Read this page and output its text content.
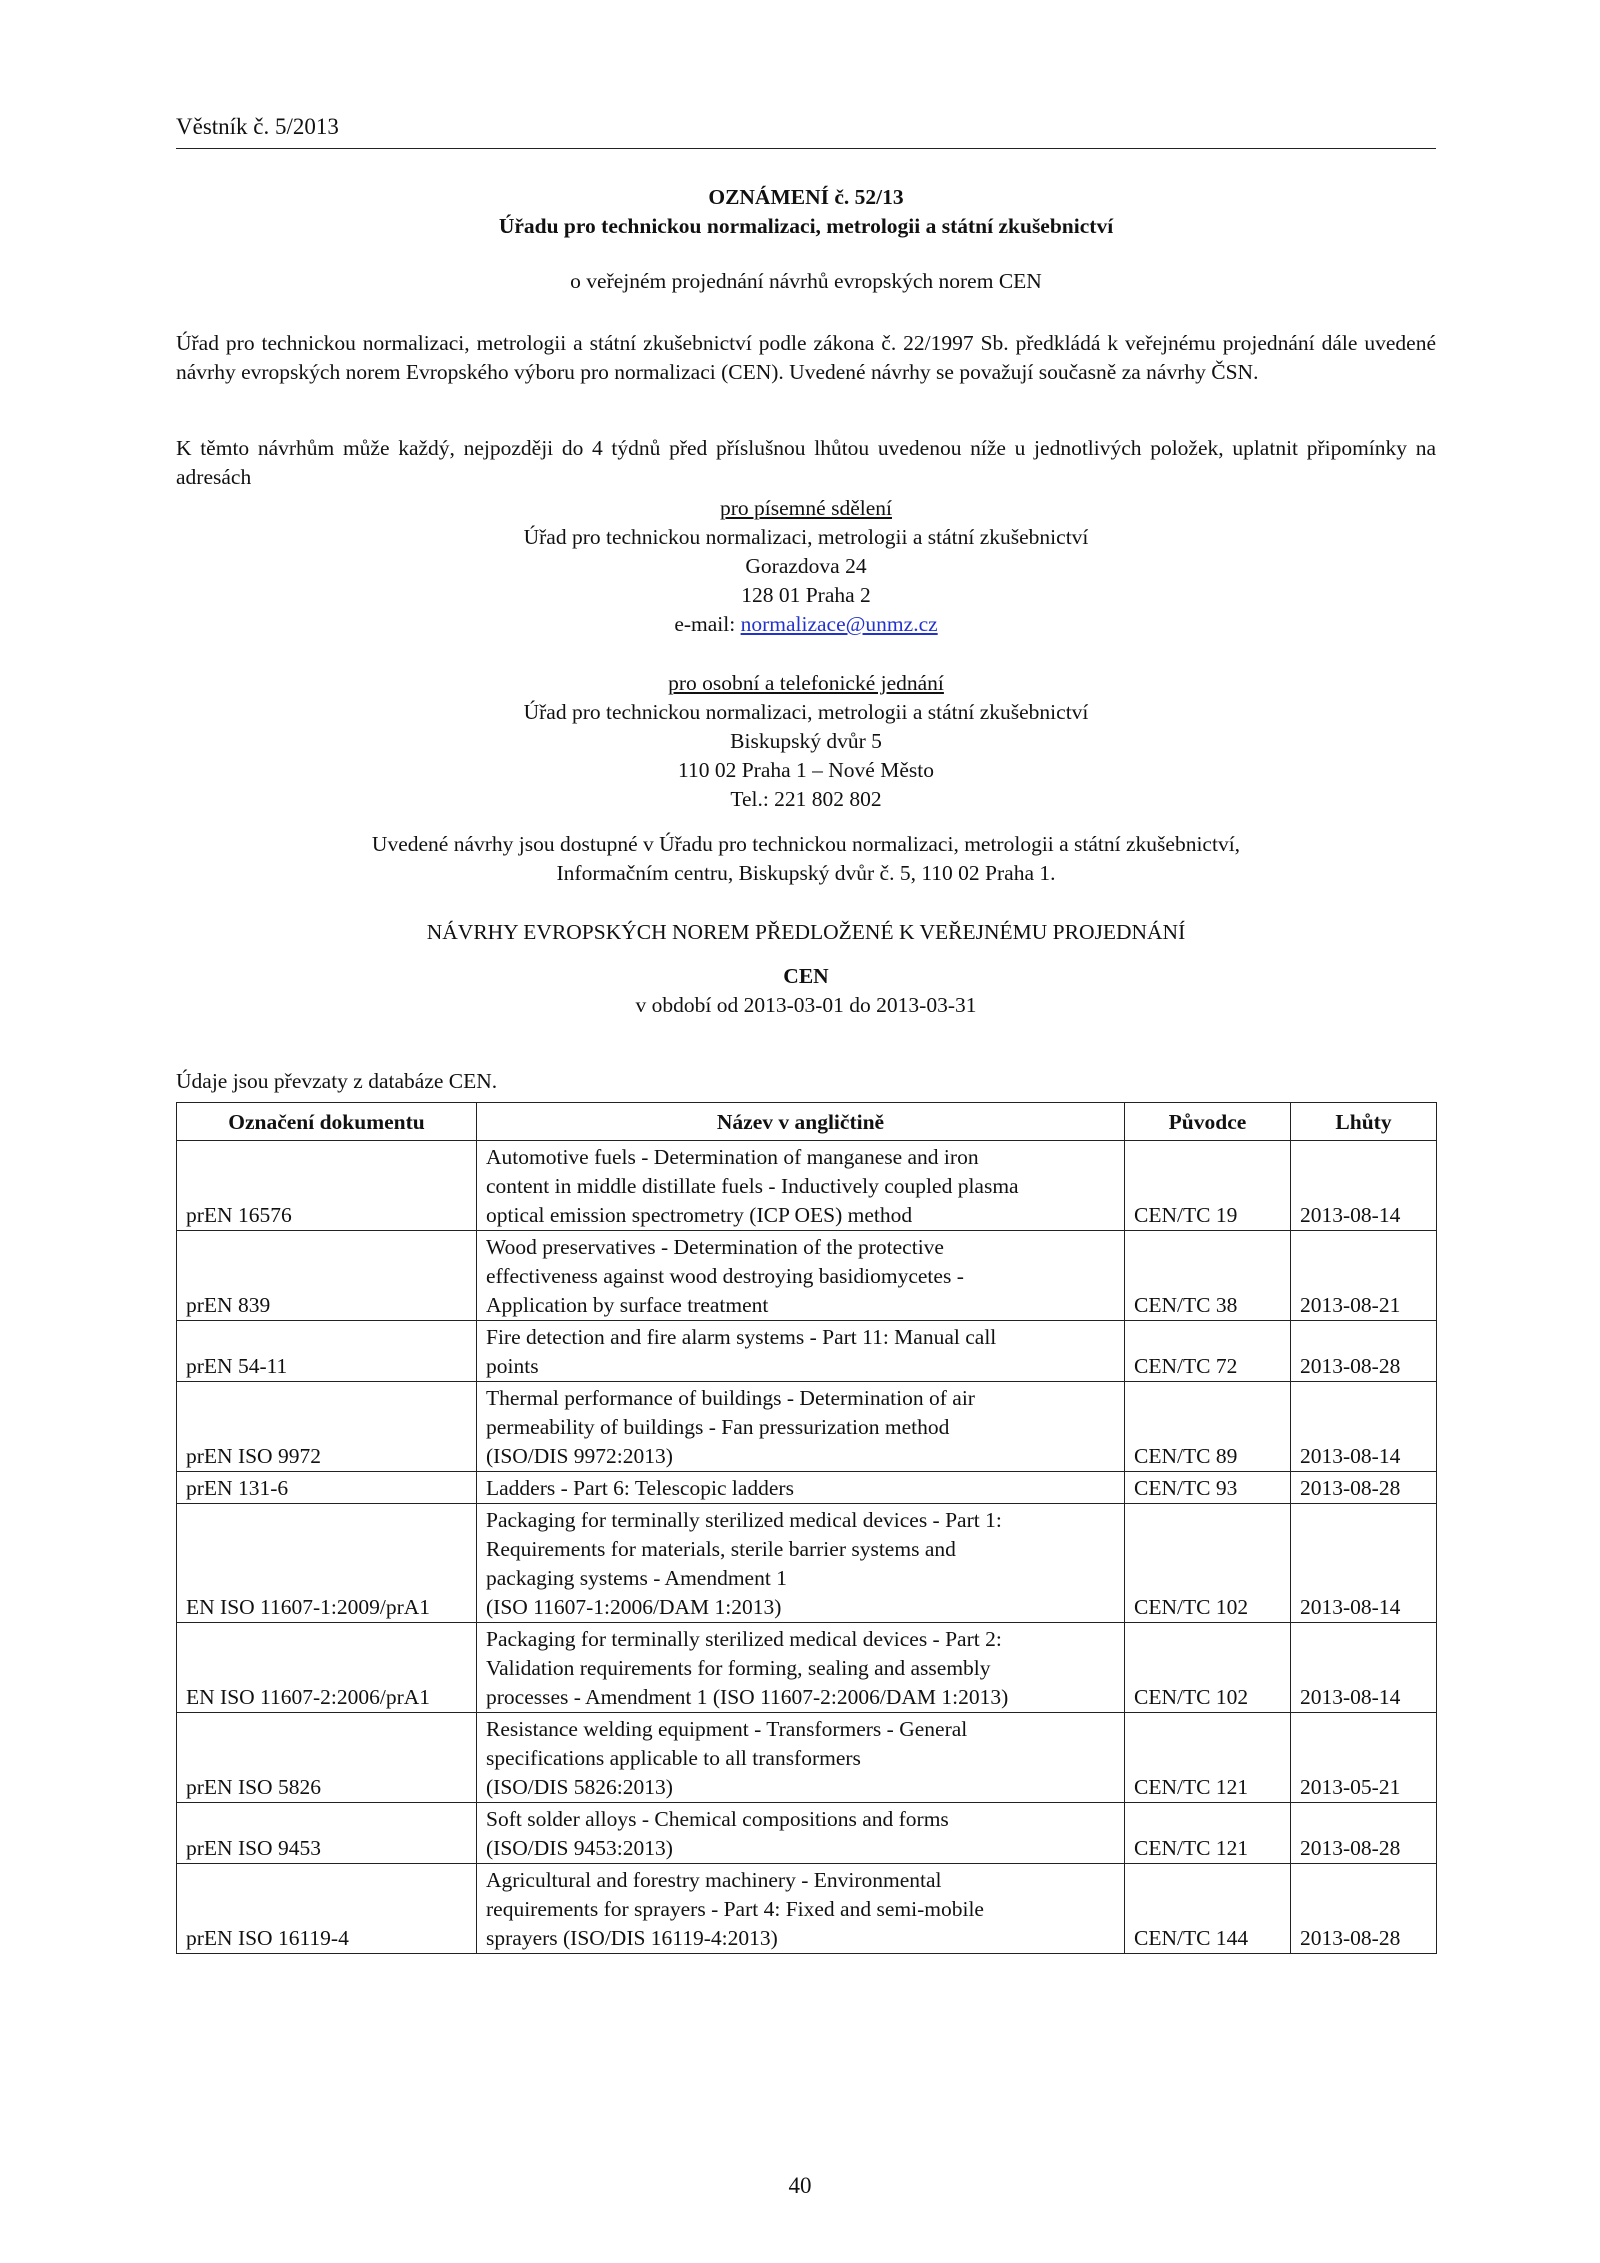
Věstník č. 5/2013
OZNÁMENÍ č. 52/13
Úřadu pro technickou normalizaci, metrologii a státní zkušebnictví
o veřejném projednání návrhů evropských norem CEN
Úřad pro technickou normalizaci, metrologii a státní zkušebnictví podle zákona č. 22/1997 Sb. předkládá k veřejnému projednání dále uvedené návrhy evropských norem Evropského výboru pro normalizaci (CEN). Uvedené návrhy se považují současně za návrhy ČSN.
K těmto návrhům může každý, nejpozději do 4 týdnů před příslušnou lhůtou uvedenou níže u jednotlivých položek, uplatnit připomínky na adresách
pro písemné sdělení
Úřad pro technickou normalizaci, metrologii a státní zkušebnictví
Gorazdova 24
128 01 Praha 2
e-mail: normalizace@unmz.cz
pro osobní a telefonické jednání
Úřad pro technickou normalizaci, metrologii a státní zkušebnictví
Biskupský dvůr 5
110 02 Praha 1 – Nové Město
Tel.: 221 802 802
Uvedené návrhy jsou dostupné v Úřadu pro technickou normalizaci, metrologii a státní zkušebnictví,
Informačním centru, Biskupský dvůr č. 5, 110 02 Praha 1.
NÁVRHY EVROPSKÝCH NOREM PŘEDLOŽENÉ K VEŘEJNÉMU PROJEDNÁNÍ
CEN
v období od 2013-03-01 do 2013-03-31
Údaje jsou převzaty z databáze CEN.
Označení dokumentu	Název v angličtině	Původce	Lhůty
prEN 16576	Automotive fuels - Determination of manganese and iron
content in middle distillate fuels - Inductively coupled plasma
optical emission spectrometry (ICP OES) method	CEN/TC 19	2013-08-14
prEN 839	Wood preservatives - Determination of the protective
effectiveness against wood destroying basidiomycetes -
Application by surface treatment	CEN/TC 38	2013-08-21
prEN 54-11	Fire detection and fire alarm systems - Part 11: Manual call
points	CEN/TC 72	2013-08-28
prEN ISO 9972	Thermal performance of buildings - Determination of air
permeability of buildings - Fan pressurization method
(ISO/DIS 9972:2013)	CEN/TC 89	2013-08-14
prEN 131-6	Ladders - Part 6: Telescopic ladders	CEN/TC 93	2013-08-28
EN ISO 11607-1:2009/prA1	Packaging for terminally sterilized medical devices - Part 1:
Requirements for materials, sterile barrier systems and
packaging systems - Amendment 1
(ISO 11607-1:2006/DAM 1:2013)	CEN/TC 102	2013-08-14
EN ISO 11607-2:2006/prA1	Packaging for terminally sterilized medical devices - Part 2:
Validation requirements for forming, sealing and assembly
processes - Amendment 1 (ISO 11607-2:2006/DAM 1:2013)	CEN/TC 102	2013-08-14
prEN ISO 5826	Resistance welding equipment - Transformers - General
specifications applicable to all transformers
(ISO/DIS 5826:2013)	CEN/TC 121	2013-05-21
prEN ISO 9453	Soft solder alloys - Chemical compositions and forms
(ISO/DIS 9453:2013)	CEN/TC 121	2013-08-28
prEN ISO 16119-4	Agricultural and forestry machinery - Environmental
requirements for sprayers - Part 4: Fixed and semi-mobile
sprayers (ISO/DIS 16119-4:2013)	CEN/TC 144	2013-08-28
40
